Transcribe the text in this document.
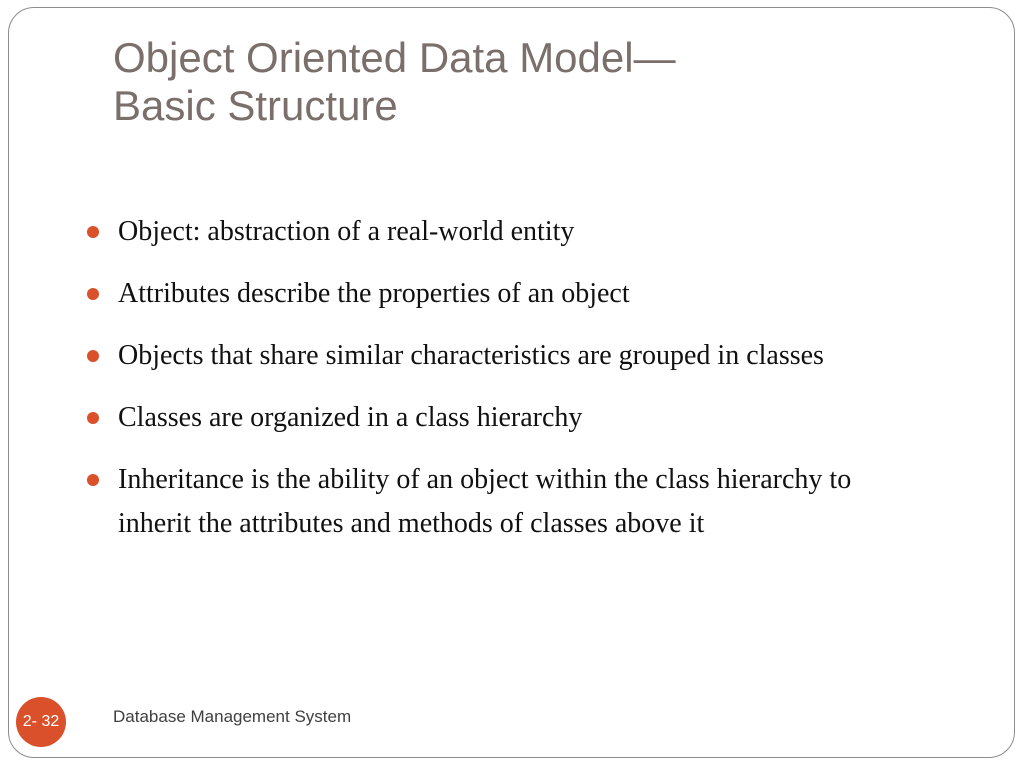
Object Oriented Data Model—
Basic Structure
Object: abstraction of a real-world entity
Attributes describe the properties of an object
Objects that share similar characteristics are grouped in classes
Classes are organized in a class hierarchy
Inheritance is the ability of an object within the class hierarchy to inherit the attributes and methods of classes above it
2- 32	Database Management System
